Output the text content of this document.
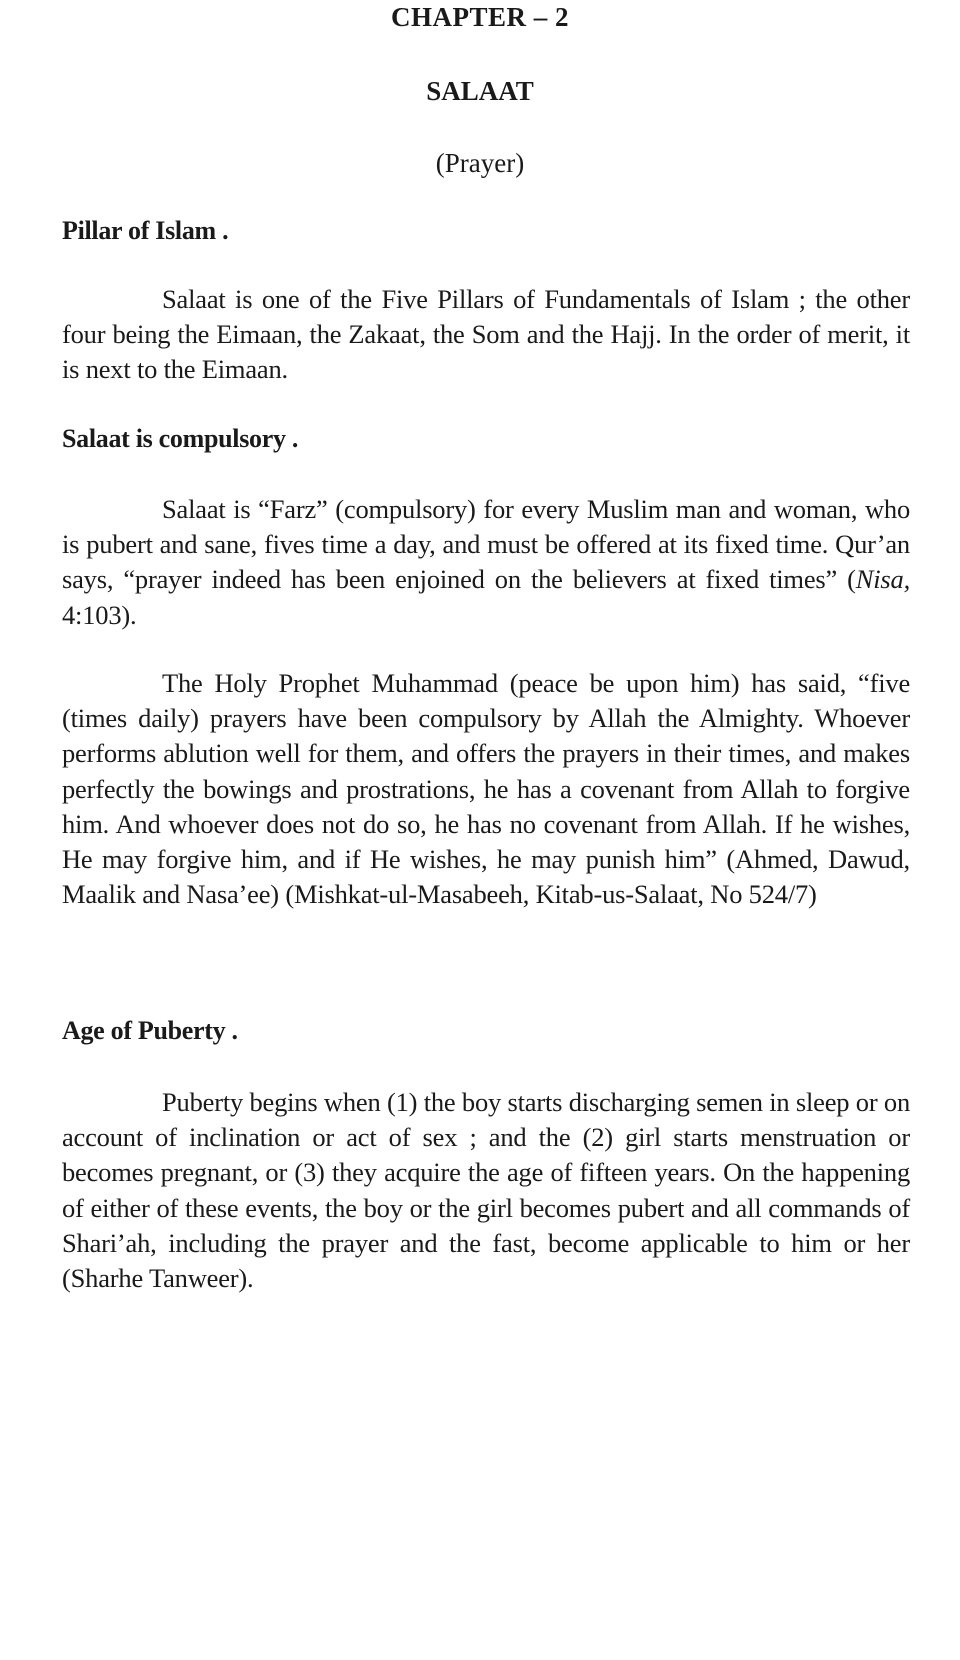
CHAPTER – 2
SALAAT
(Prayer)
Pillar of Islam .

Salaat is one of the Five Pillars of Fundamentals of Islam ; the other four being the Eimaan, the Zakaat, the Som and the Hajj. In the order of merit, it is next to the Eimaan.

Salaat is compulsory .

Salaat is “Farz” (compulsory) for every Muslim man and woman, who is pubert and sane, fives time a day, and must be offered at its fixed time. Qur’an says, “prayer indeed has been enjoined on the believers at fixed times” (Nisa, 4:103).

The Holy Prophet Muhammad (peace be upon him) has said, “five (times daily) prayers have been compulsory by Allah the Almighty. Whoever performs ablution well for them, and offers the prayers in their times, and makes perfectly the bowings and prostrations, he has a covenant from Allah to forgive him. And whoever does not do so, he has no covenant from Allah. If he wishes, He may forgive him, and if He wishes, he may punish him” (Ahmed, Dawud, Maalik and Nasa’ee) (Mishkat-ul-Masabeeh, Kitab-us-Salaat, No 524/7)

Age of Puberty .

Puberty begins when (1) the boy starts discharging semen in sleep or on account of inclination or act of sex ; and the (2) girl starts menstruation or becomes pregnant, or (3) they acquire the age of fifteen years. On the happening of either of these events, the boy or the girl becomes pubert and all commands of Shari’ah, including the prayer and the fast, become applicable to him or her (Sharhe Tanweer).
